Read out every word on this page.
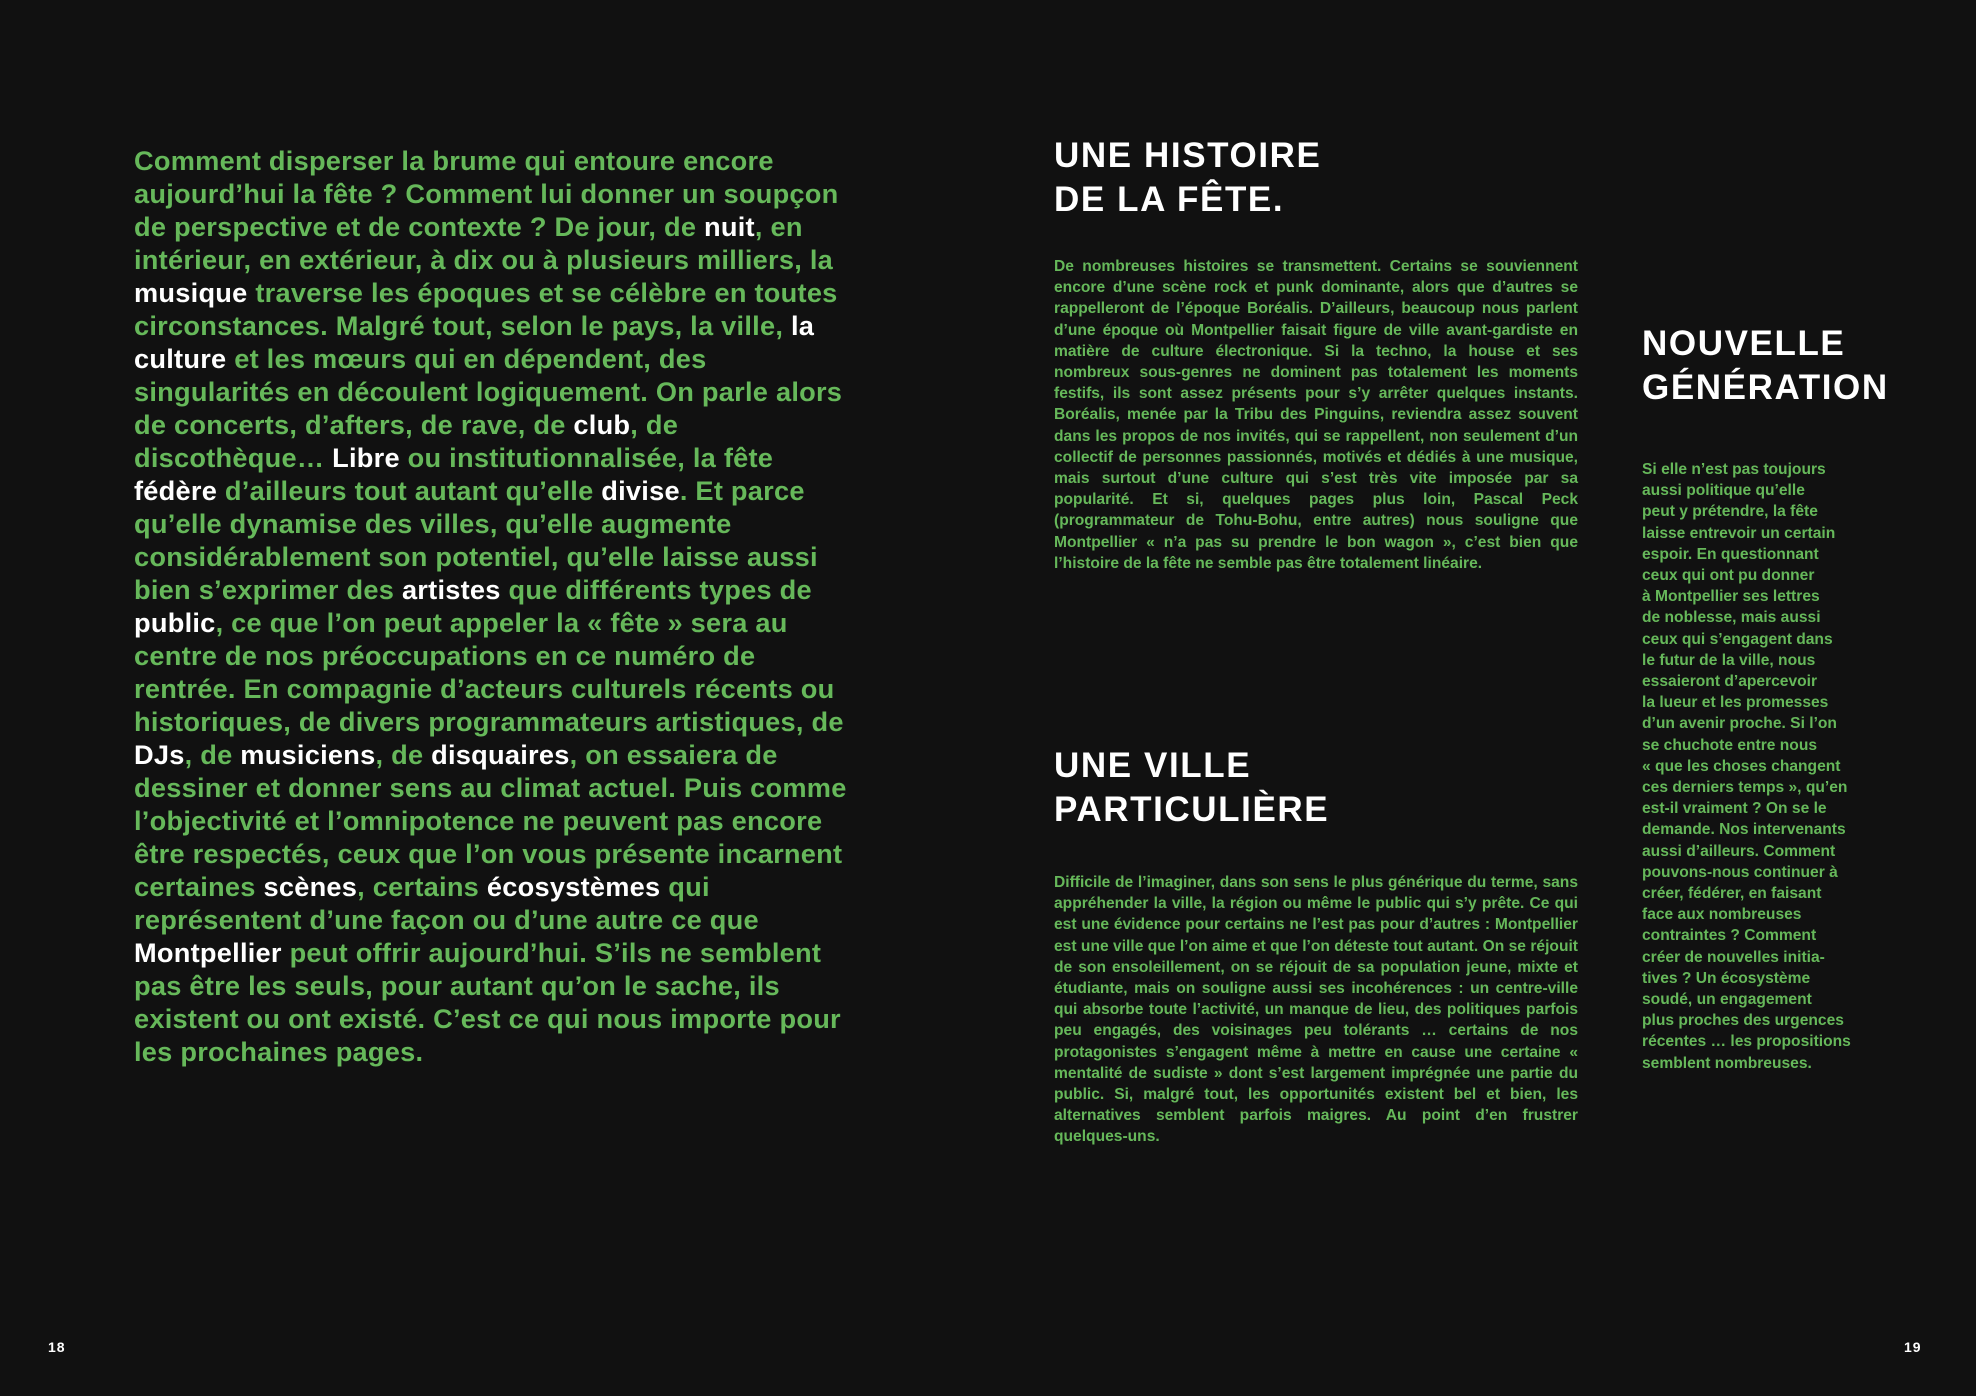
Comment disperser la brume qui entoure encore aujourd’hui la fête ? Comment lui donner un soupçon de perspective et de contexte ? De jour, de nuit, en intérieur, en extérieur, à dix ou à plusieurs milliers, la musique traverse les époques et se célèbre en toutes circonstances. Malgré tout, selon le pays, la ville, la culture et les mœurs qui en dépendent, des singularités en découlent logiquement. On parle alors de concerts, d’afters, de rave, de club, de discothèque… Libre ou institutionnalisée, la fête fédère d’ailleurs tout autant qu’elle divise. Et parce qu’elle dynamise des villes, qu’elle augmente considérablement son potentiel, qu’elle laisse aussi bien s’exprimer des artistes que différents types de public, ce que l’on peut appeler la « fête » sera au centre de nos préoccupations en ce numéro de rentrée. En compagnie d’acteurs culturels récents ou historiques, de divers programmateurs artistiques, de DJs, de musiciens, de disquaires, on essaiera de dessiner et donner sens au climat actuel. Puis comme l’objectivité et l’omnipotence ne peuvent pas encore être respectés, ceux que l’on vous présente incarnent certaines scènes, certains écosystèmes qui représentent d’une façon ou d’une autre ce que Montpellier peut offrir aujourd’hui. S’ils ne semblent pas être les seuls, pour autant qu’on le sache, ils existent ou ont existé. C’est ce qui nous importe pour les prochaines pages.

18
UNE HISTOIRE
DE LA FÊTE.

De nombreuses histoires se transmettent. Certains se souviennent encore d’une scène rock et punk dominante, alors que d’autres se rappelleront de l’époque Boréalis. D’ailleurs, beaucoup nous parlent d’une époque où Montpellier faisait figure de ville avant-gardiste en matière de culture électronique. Si la techno, la house et ses nombreux sous-genres ne dominent pas totalement les moments festifs, ils sont assez présents pour s’y arrêter quelques instants. Boréalis, menée par la Tribu des Pinguins, reviendra assez souvent dans les propos de nos invités, qui se rappellent, non seulement d’un collectif de personnes passionnés, motivés et dédiés à une musique, mais surtout d’une culture qui s’est très vite imposée par sa popularité. Et si, quelques pages plus loin, Pascal Peck (programmateur de Tohu-Bohu, entre autres) nous souligne que Montpellier « n’a pas su prendre le bon wagon », c’est bien que l’histoire de la fête ne semble pas être totalement linéaire.

UNE VILLE
PARTICULIÈRE

Difficile de l’imaginer, dans son sens le plus générique du terme, sans appréhender la ville, la région ou même le public qui s’y prête. Ce qui est une évidence pour certains ne l’est pas pour d’autres : Montpellier est une ville que l’on aime et que l’on déteste tout autant. On se réjouit de son ensoleillement, on se réjouit de sa population jeune, mixte et étudiante, mais on souligne aussi ses incohérences : un centre-ville qui absorbe toute l’activité, un manque de lieu, des politiques parfois peu engagés, des voisinages peu tolérants … certains de nos protagonistes s’engagent même à mettre en cause une certaine « mentalité de sudiste » dont s’est largement imprégnée une partie du public. Si, malgré tout, les opportunités existent bel et bien, les alternatives semblent parfois maigres. Au point d’en frustrer quelques-uns.

NOUVELLE
GÉNÉRATION

Si elle n’est pas toujours
aussi politique qu’elle
peut y prétendre, la fête
laisse entrevoir un certain
espoir. En questionnant
ceux qui ont pu donner
à Montpellier ses lettres
de noblesse, mais aussi
ceux qui s’engagent dans
le futur de la ville, nous
essaieront d’apercevoir
la lueur et les promesses
d’un avenir proche. Si l’on
se chuchote entre nous
« que les choses changent
ces derniers temps », qu’en
est-il vraiment ? On se le
demande. Nos intervenants
aussi d’ailleurs. Comment
pouvons-nous continuer à
créer, fédérer, en faisant
face aux nombreuses
contraintes ? Comment
créer de nouvelles initia-
tives ? Un écosystème
soudé, un engagement
plus proches des urgences
récentes … les propositions
semblent nombreuses.

19
